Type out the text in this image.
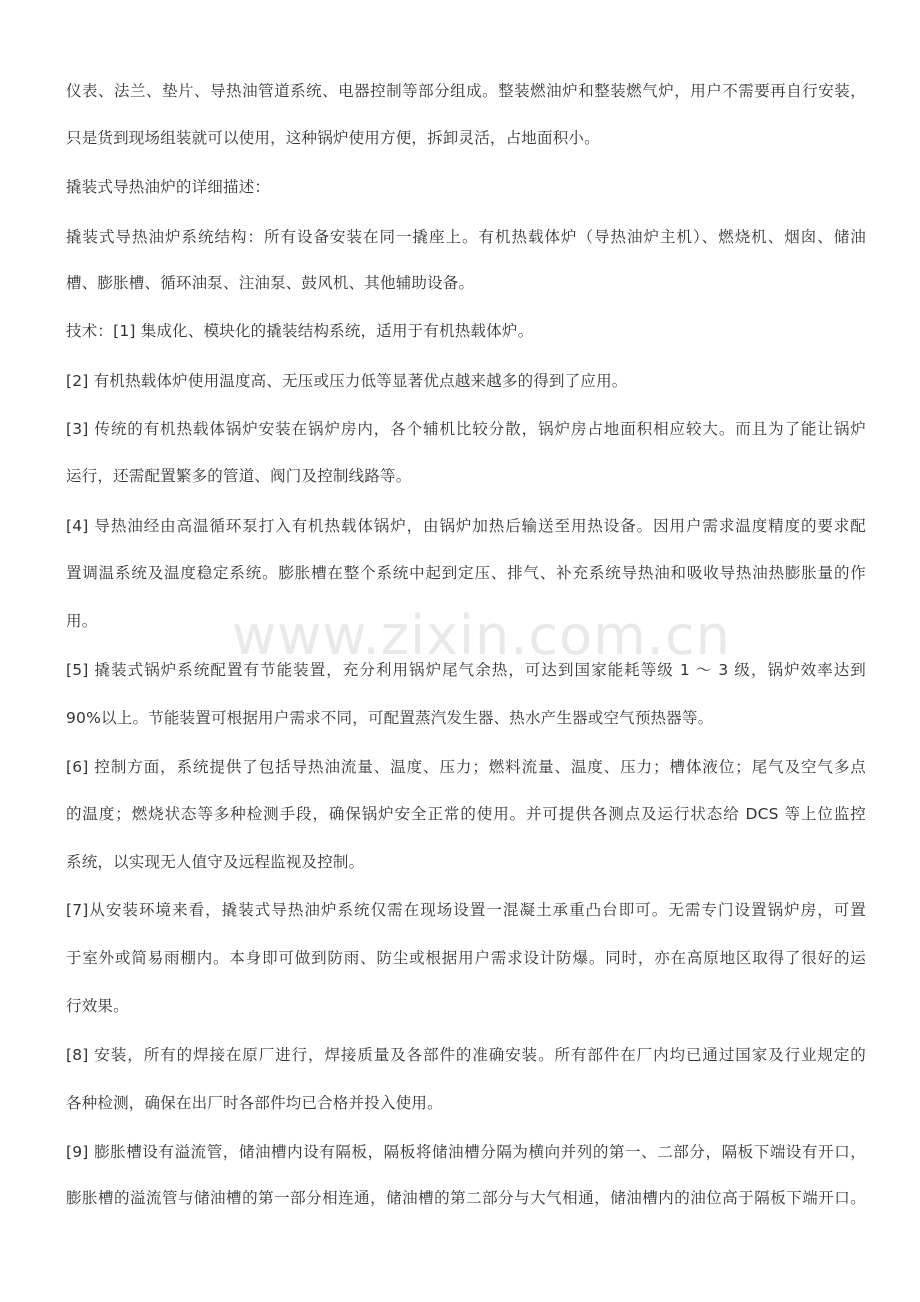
www.zixin.com.cn
仪表、法兰、垫片、导热油管道系统、电器控制等部分组成。整装燃油炉和整装燃气炉，用户不需要再自行安装，
只是货到现场组装就可以使用，这种锅炉使用方便，拆卸灵活，占地面积小。
撬装式导热油炉的详细描述：
撬装式导热油炉系统结构：所有设备安装在同一撬座上。有机热载体炉（导热油炉主机）、燃烧机、烟囱、储油
槽、膨胀槽、循环油泵、注油泵、鼓风机、其他辅助设备。
技术：[1] 集成化、模块化的撬装结构系统，适用于有机热载体炉。
[2] 有机热载体炉使用温度高、无压或压力低等显著优点越来越多的得到了应用。
[3] 传统的有机热载体锅炉安装在锅炉房内，各个辅机比较分散，锅炉房占地面积相应较大。而且为了能让锅炉
运行，还需配置繁多的管道、阀门及控制线路等。
[4] 导热油经由高温循环泵打入有机热载体锅炉，由锅炉加热后输送至用热设备。因用户需求温度精度的要求配
置调温系统及温度稳定系统。膨胀槽在整个系统中起到定压、排气、补充系统导热油和吸收导热油热膨胀量的作
用。
[5] 撬装式锅炉系统配置有节能装置，充分利用锅炉尾气余热，可达到国家能耗等级 1 ～ 3 级，锅炉效率达到
90%以上。节能装置可根据用户需求不同，可配置蒸汽发生器、热水产生器或空气预热器等。
[6] 控制方面，系统提供了包括导热油流量、温度、压力；燃料流量、温度、压力；槽体液位；尾气及空气多点
的温度；燃烧状态等多种检测手段，确保锅炉安全正常的使用。并可提供各测点及运行状态给 DCS 等上位监控
系统，以实现无人值守及远程监视及控制。
[7]从安装环境来看，撬装式导热油炉系统仅需在现场设置一混凝土承重凸台即可。无需专门设置锅炉房，可置
于室外或简易雨棚内。本身即可做到防雨、防尘或根据用户需求设计防爆。同时，亦在高原地区取得了很好的运
行效果。
[8] 安装，所有的焊接在原厂进行，焊接质量及各部件的准确安装。所有部件在厂内均已通过国家及行业规定的
各种检测，确保在出厂时各部件均已合格并投入使用。
[9] 膨胀槽设有溢流管，储油槽内设有隔板，隔板将储油槽分隔为横向并列的第一、二部分，隔板下端设有开口，
膨胀槽的溢流管与储油槽的第一部分相连通，储油槽的第二部分与大气相通，储油槽内的油位高于隔板下端开口。
